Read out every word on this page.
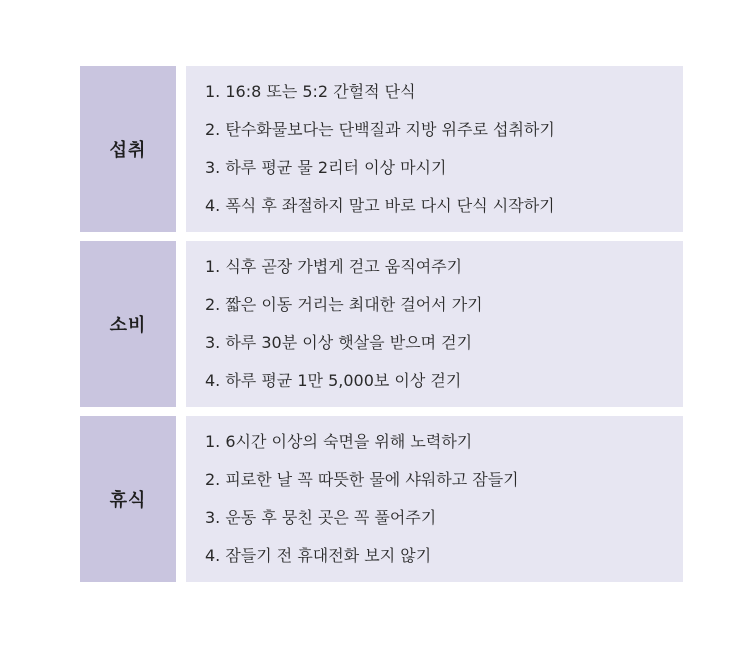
섭취
1. 16:8 또는 5:2 간헐적 단식
2. 탄수화물보다는 단백질과 지방 위주로 섭취하기
3. 하루 평균 물 2리터 이상 마시기
4. 폭식 후 좌절하지 말고 바로 다시 단식 시작하기
소비
1. 식후 곧장 가볍게 걷고 움직여주기
2. 짧은 이동 거리는 최대한 걸어서 가기
3. 하루 30분 이상 햇살을 받으며 걷기
4. 하루 평균 1만 5,000보 이상 걷기
휴식
1. 6시간 이상의 숙면을 위해 노력하기
2. 피로한 날 꼭 따뜻한 물에 샤워하고 잠들기
3. 운동 후 뭉친 곳은 꼭 풀어주기
4. 잠들기 전 휴대전화 보지 않기
